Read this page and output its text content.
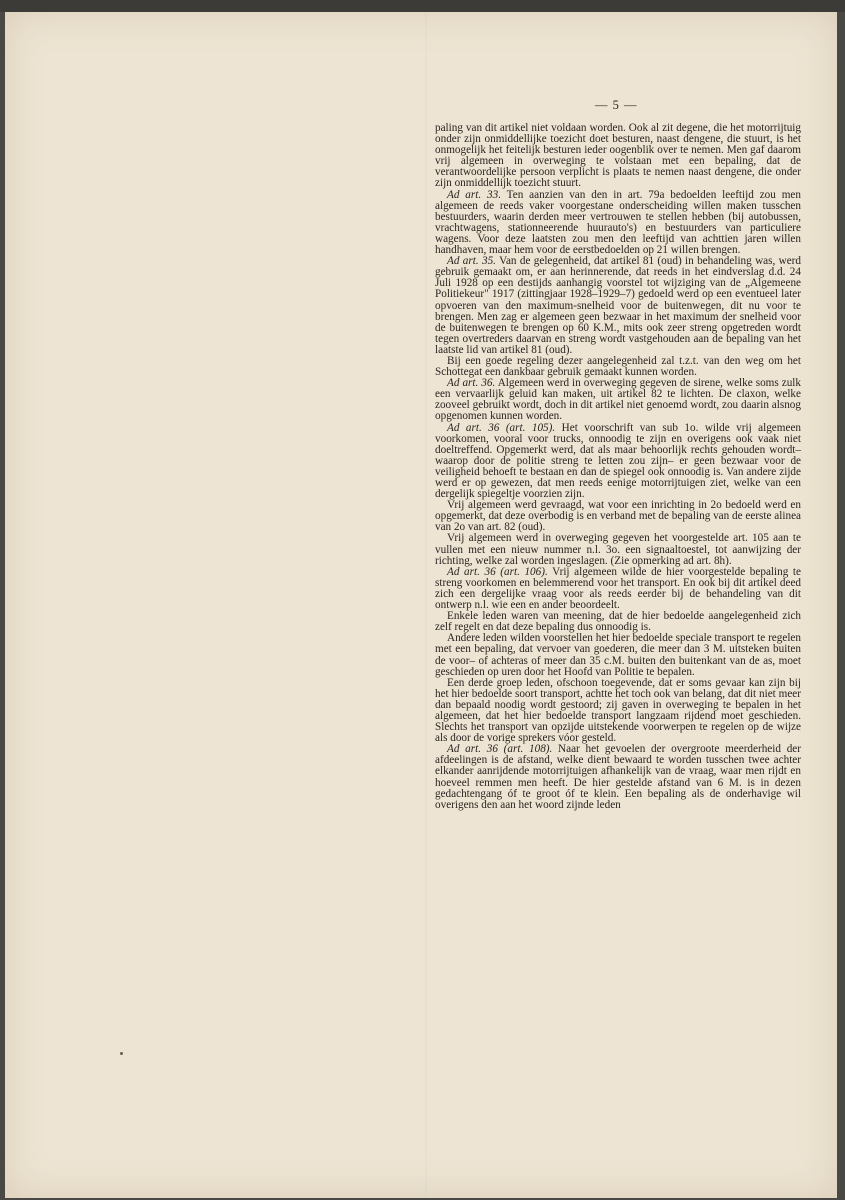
— 5 —

paling van dit artikel niet voldaan worden. Ook al zit degene, die het motorrijtuig onder zijn onmiddellijke toezicht doet besturen, naast dengene, die stuurt, is het onmogelijk het feitelijk besturen ieder oogenblik over te nemen. Men gaf daarom vrij algemeen in overweging te volstaan met een bepaling, dat de verantwoordelijke persoon verplicht is plaats te nemen naast dengene, die onder zijn onmiddellijk toezicht stuurt.

Ad art. 33. Ten aanzien van den in art. 79a bedoelden leeftijd zou men algemeen de reeds vaker voorgestane onderscheiding willen maken tusschen bestuurders, waarin derden meer vertrouwen te stellen hebben (bij autobussen, vrachtwagens, stationneerende huurauto's) en bestuurders van particuliere wagens. Voor deze laatsten zou men den leeftijd van achttien jaren willen handhaven, maar hem voor de eerstbedoelden op 21 willen brengen.

Ad art. 35. Van de gelegenheid, dat artikel 81 (oud) in behandeling was, werd gebruik gemaakt om, er aan herinnerende, dat reeds in het eindverslag d.d. 24 Juli 1928 op een destijds aanhangig voorstel tot wijziging van de „Algemeene Politiekeur" 1917 (zittingjaar 1928–1929–7) gedoeld werd op een eventueel later opvoeren van den maximum-snelheid voor de buitenwegen, dit nu voor te brengen. Men zag er algemeen geen bezwaar in het maximum der snelheid voor de buitenwegen te brengen op 60 K.M., mits ook zeer streng opgetreden wordt tegen overtreders daarvan en streng wordt vastgehouden aan de bepaling van het laatste lid van artikel 81 (oud).

Bij een goede regeling dezer aangelegenheid zal t.z.t. van den weg om het Schottegat een dankbaar gebruik gemaakt kunnen worden.

Ad art. 36. Algemeen werd in overweging gegeven de sirene, welke soms zulk een vervaarlijk geluid kan maken, uit artikel 82 te lichten. De claxon, welke zooveel gebruikt wordt, doch in dit artikel niet genoemd wordt, zou daarin alsnog opgenomen kunnen worden.

Ad art. 36 (art. 105). Het voorschrift van sub 1o. wilde vrij algemeen voorkomen, vooral voor trucks, onnoodig te zijn en overigens ook vaak niet doeltreffend. Opgemerkt werd, dat als maar behoorlijk rechts gehouden wordt– waarop door de politie streng te letten zou zijn– er geen bezwaar voor de veiligheid behoeft te bestaan en dan de spiegel ook onnoodig is. Van andere zijde werd er op gewezen, dat men reeds eenige motorrijtuigen ziet, welke van een dergelijk spiegeltje voorzien zijn.

Vrij algemeen werd gevraagd, wat voor een inrichting in 2o bedoeld werd en opgemerkt, dat deze overbodig is en verband met de bepaling van de eerste alinea van 2o van art. 82 (oud).

Vrij algemeen werd in overweging gegeven het voorgestelde art. 105 aan te vullen met een nieuw nummer n.l. 3o. een signaaltoestel, tot aanwijzing der richting, welke zal worden ingeslagen. (Zie opmerking ad art. 8h).

Ad art. 36 (art. 106). Vrij algemeen wilde de hier voorgestelde bepaling te streng voorkomen en belemmerend voor het transport. En ook bij dit artikel deed zich een dergelijke vraag voor als reeds eerder bij de behandeling van dit ontwerp n.l. wie een en ander beoordeelt.

Enkele leden waren van meening, dat de hier bedoelde aangelegenheid zich zelf regelt en dat deze bepaling dus onnoodig is.

Andere leden wilden voorstellen het hier bedoelde speciale transport te regelen met een bepaling, dat vervoer van goederen, die meer dan 3 M. uitsteken buiten de voor– of achteras of meer dan 35 c.M. buiten den buitenkant van de as, moet geschieden op uren door het Hoofd van Politie te bepalen.

Een derde groep leden, ofschoon toegevende, dat er soms gevaar kan zijn bij het hier bedoelde soort transport, achtte het toch ook van belang, dat dit niet meer dan bepaald noodig wordt gestoord; zij gaven in overweging te bepalen in het algemeen, dat het hier bedoelde transport langzaam rijdend moet geschieden. Slechts het transport van opzijde uitstekende voorwerpen te regelen op de wijze als door de vorige sprekers vóor gesteld.

Ad art. 36 (art. 108). Naar het gevoelen der overgroote meerderheid der afdeelingen is de afstand, welke dient bewaard te worden tusschen twee achter elkander aanrijdende motorrijtuigen afhankelijk van de vraag, waar men rijdt en hoeveel remmen men heeft. De hier gestelde afstand van 6 M. is in dezen gedachtengang óf te groot óf te klein. Een bepaling als de onderhavige wil overigens den aan het woord zijnde leden
